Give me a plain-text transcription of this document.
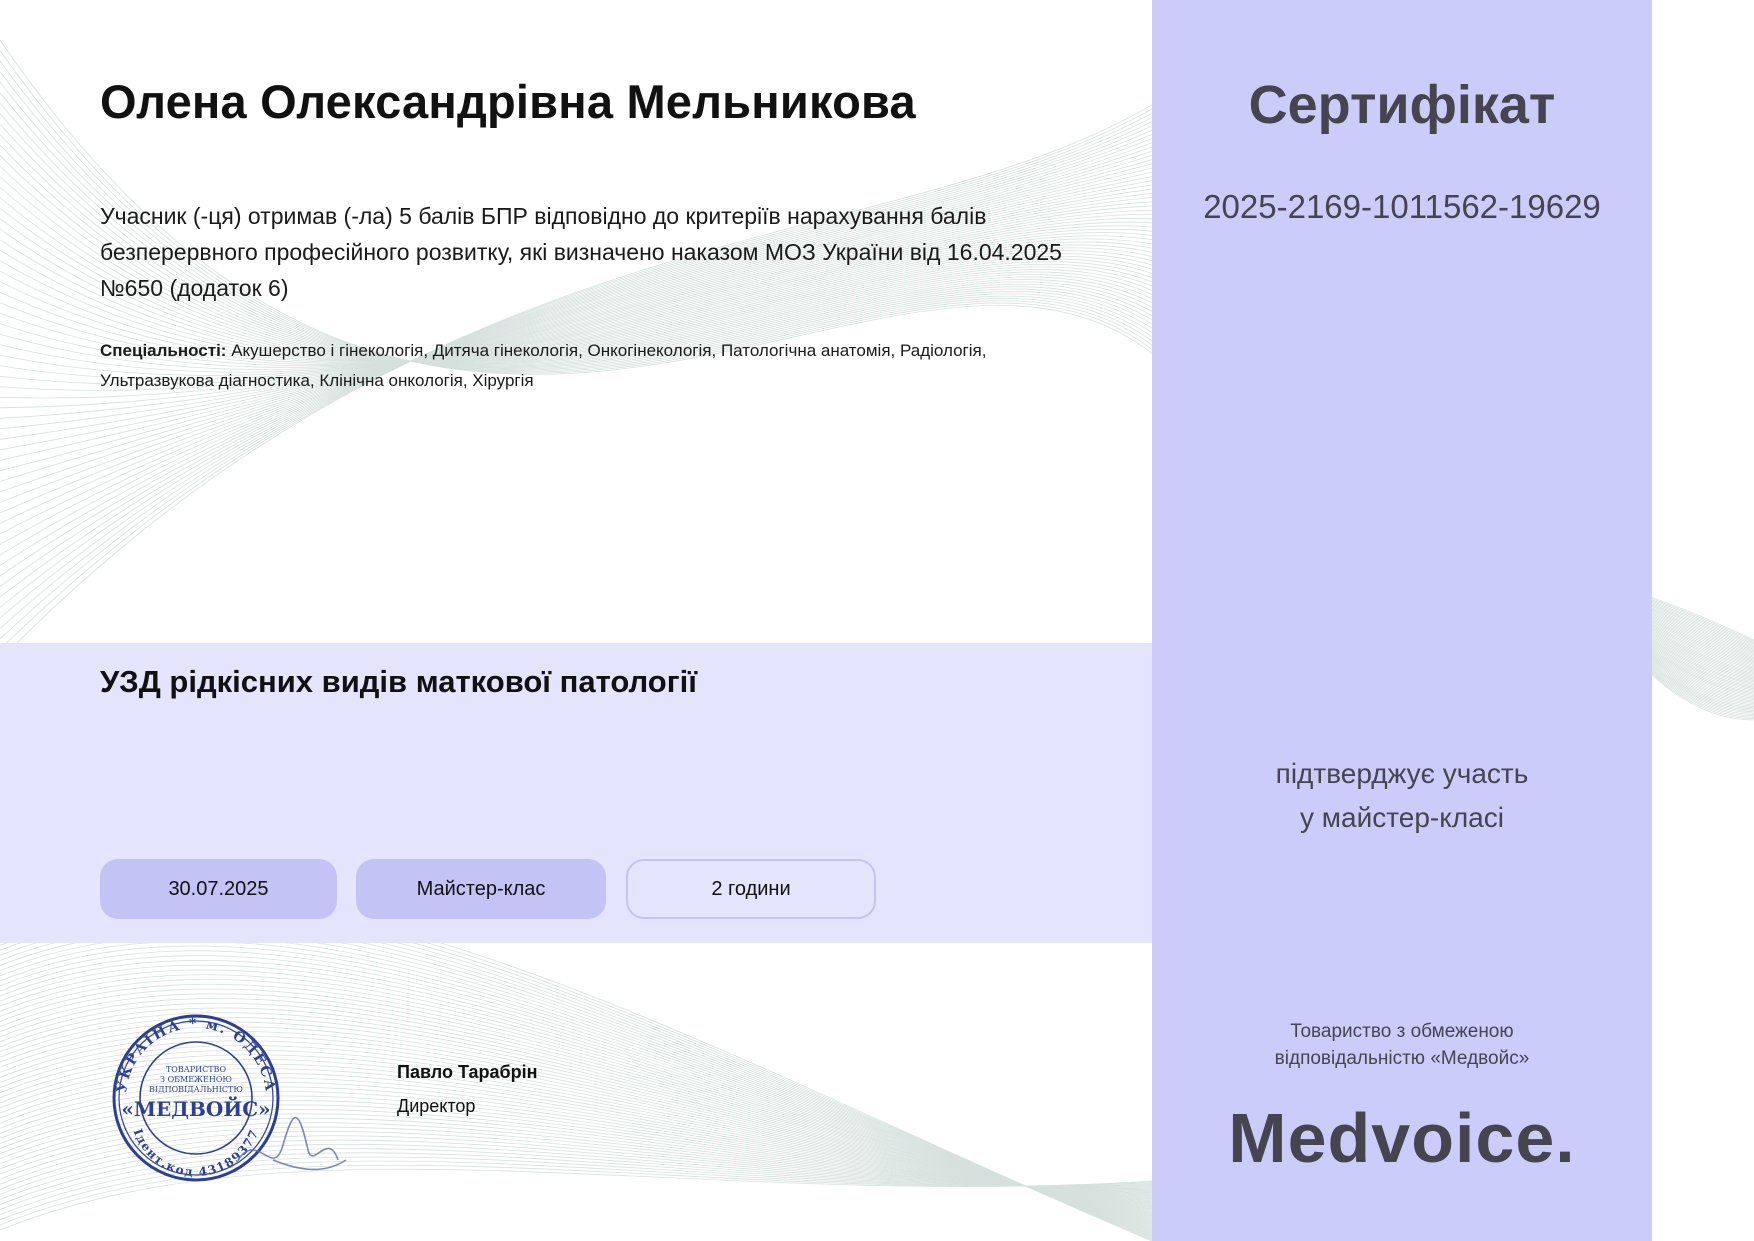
Олена Олександрівна Мельникова

Учасник (-ця) отримав (-ла) 5 балів БПР відповідно до критеріїв нарахування балів безперервного професійного розвитку, які визначено наказом МОЗ України від 16.04.2025 №650 (додаток 6)

Спеціальності: Акушерство і гінекологія, Дитяча гінекологія, Онкогінекологія, Патологічна анатомія, Радіологія, Ультразвукова діагностика, Клінічна онкологія, Хірургія

УЗД рідкісних видів маткової патології
30.07.2025	Майстер-клас	2 години
УКРАЇНА * м. ОДЕСА
Ідент.код 43189377
ТОВАРИСТВО
З ОБМЕЖЕНОЮ
ВІДПОВІДАЛЬНІСТЮ
«МЕДВОЙС»

Павло Тарабрін

Директор

Сертифікат

2025-2169-1011562-19629

підтверджує участь
у майстер-класі

Товариство з обмеженою
відповідальністю «Медвойс»

Medvoice.
